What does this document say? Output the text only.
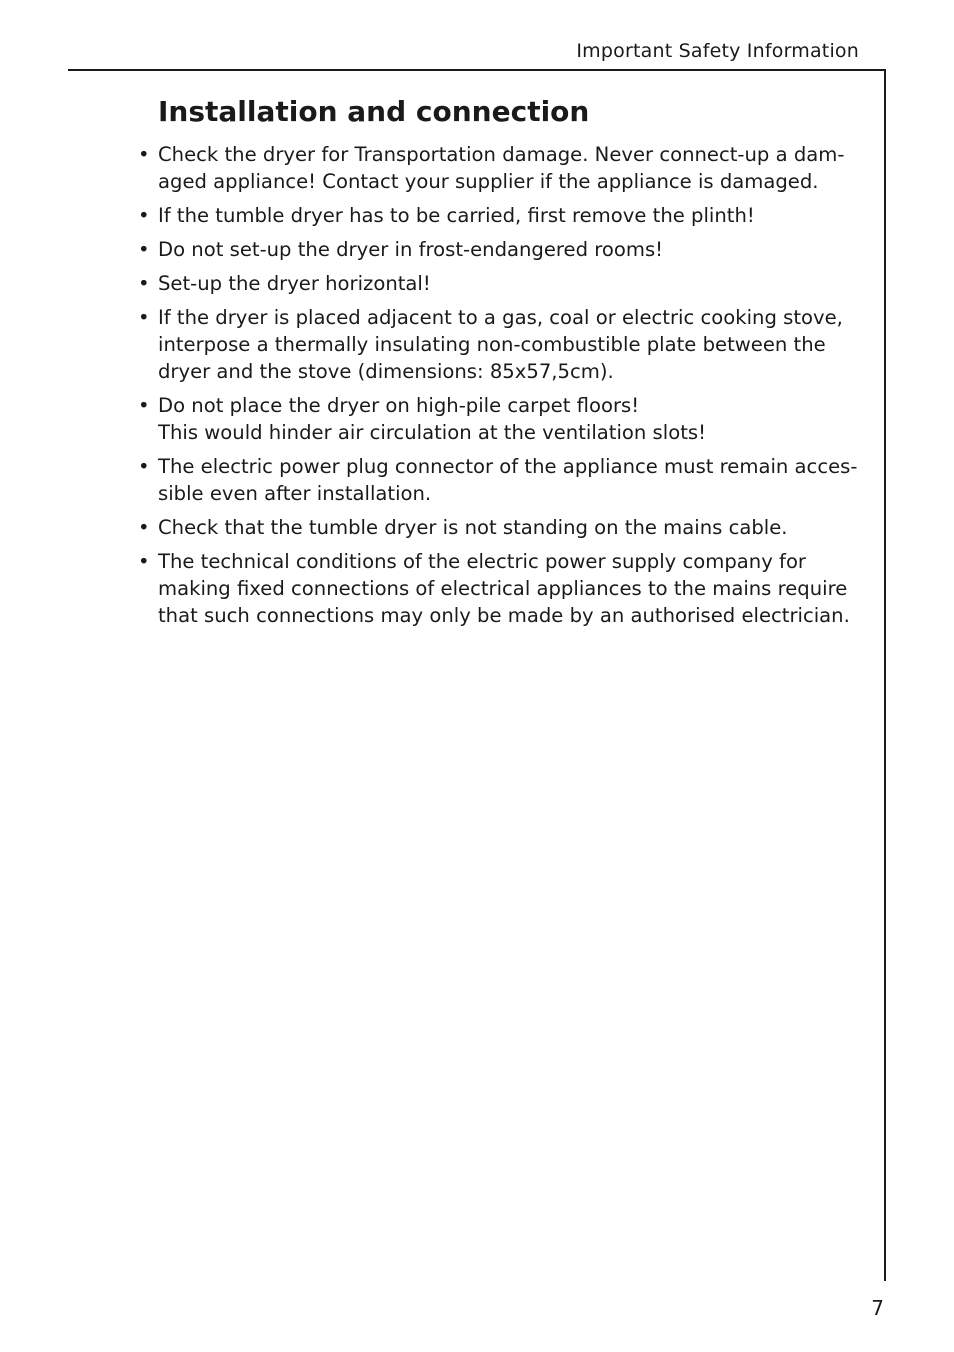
Important Safety Information
Installation and connection
• Check the dryer for Transportation damage. Never connect-up a dam-
aged appliance! Contact your supplier if the appliance is damaged.
• If the tumble dryer has to be carried, first remove the plinth!
• Do not set-up the dryer in frost-endangered rooms!
• Set-up the dryer horizontal!
• If the dryer is placed adjacent to a gas, coal or electric cooking stove,
interpose a thermally insulating non-combustible plate between the
dryer and the stove (dimensions: 85x57,5cm).
• Do not place the dryer on high-pile carpet floors!
This would hinder air circulation at the ventilation slots!
• The electric power plug connector of the appliance must remain acces-
sible even after installation.
• Check that the tumble dryer is not standing on the mains cable.
• The technical conditions of the electric power supply company for
making fixed connections of electrical appliances to the mains require
that such connections may only be made by an authorised electrician.
7
